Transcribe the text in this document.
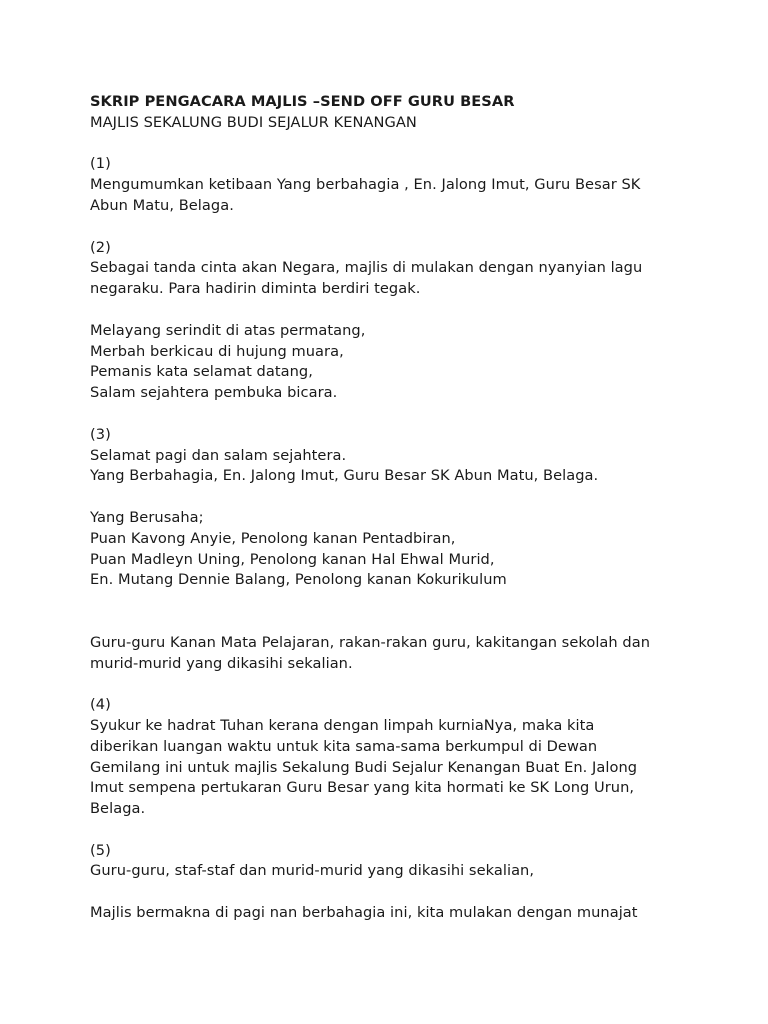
SKRIP PENGACARA MAJLIS –SEND OFF GURU BESAR
MAJLIS SEKALUNG BUDI SEJALUR KENANGAN
(1)
Mengumumkan ketibaan Yang berbahagia , En. Jalong Imut, Guru Besar SK
Abun Matu, Belaga.
(2)
Sebagai tanda cinta akan Negara, majlis di mulakan dengan nyanyian lagu
negaraku. Para hadirin diminta berdiri tegak.
Melayang serindit di atas permatang,
Merbah berkicau di hujung muara,
Pemanis kata selamat datang,
Salam sejahtera pembuka bicara.
(3)
Selamat pagi dan salam sejahtera.
Yang Berbahagia, En. Jalong Imut, Guru Besar SK Abun Matu, Belaga.
Yang Berusaha;
Puan Kavong Anyie, Penolong kanan Pentadbiran,
Puan Madleyn Uning, Penolong kanan Hal Ehwal Murid,
En. Mutang Dennie Balang, Penolong kanan Kokurikulum
Guru-guru Kanan Mata Pelajaran, rakan-rakan guru, kakitangan sekolah dan
murid-murid yang dikasihi sekalian.
(4)
Syukur ke hadrat Tuhan kerana dengan limpah kurniaNya, maka kita
diberikan luangan waktu untuk kita sama-sama berkumpul di Dewan
Gemilang ini untuk majlis Sekalung Budi Sejalur Kenangan Buat En. Jalong
Imut sempena pertukaran Guru Besar yang kita hormati ke SK Long Urun,
Belaga.
(5)
Guru-guru, staf-staf dan murid-murid yang dikasihi sekalian,
Majlis bermakna di pagi nan berbahagia ini, kita mulakan dengan munajat
